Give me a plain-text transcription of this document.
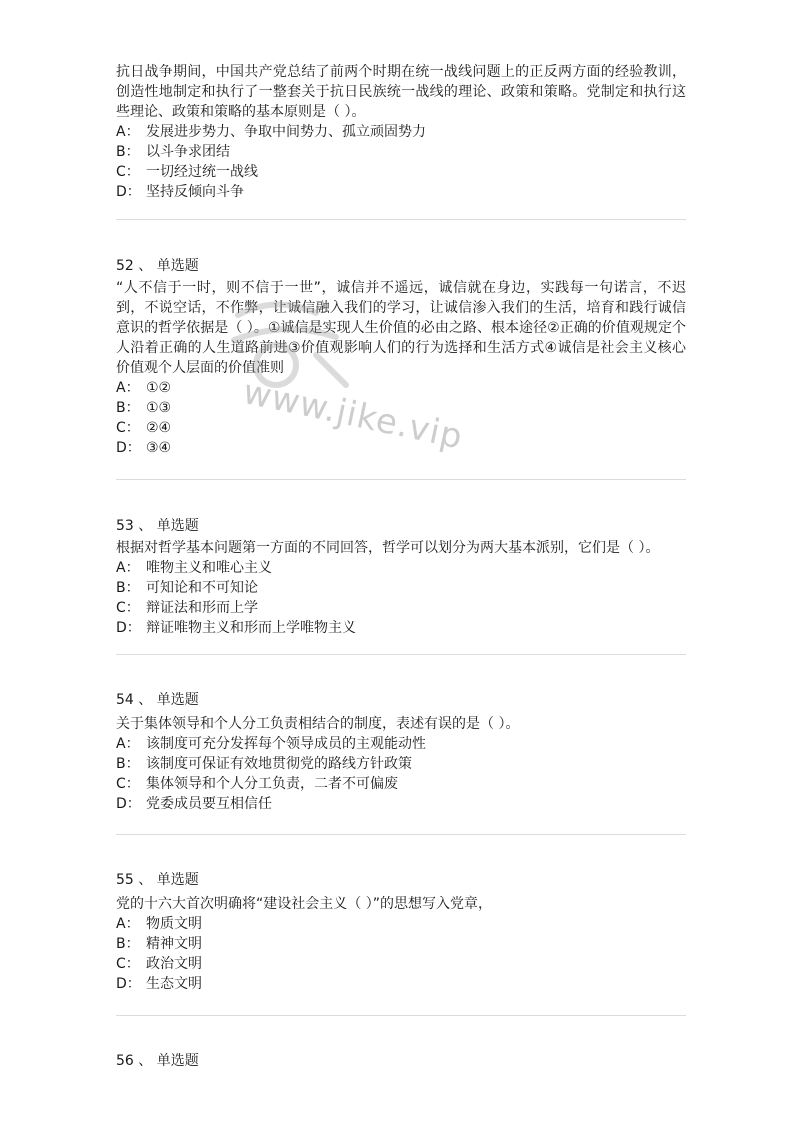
抗日战争期间，中国共产党总结了前两个时期在统一战线问题上的正反两方面的经验教训，创造性地制定和执行了一整套关于抗日民族统一战线的理论、政策和策略。党制定和执行这些理论、政策和策略的基本原则是（ ）。
A： 发展进步势力、争取中间势力、孤立顽固势力
B： 以斗争求团结
C： 一切经过统一战线
D： 坚持反倾向斗争
52 、 单选题
“人不信于一时，则不信于一世”，诚信并不遥远，诚信就在身边，实践每一句诺言，不迟到，不说空话，不作弊，让诚信融入我们的学习，让诚信渗入我们的生活，培育和践行诚信意识的哲学依据是（ ）。①诚信是实现人生价值的必由之路、根本途径②正确的价值观规定个人沿着正确的人生道路前进③价值观影响人们的行为选择和生活方式④诚信是社会主义核心价值观个人层面的价值准则
A： ①②
B： ①③
C： ②④
D： ③④
53 、 单选题
根据对哲学基本问题第一方面的不同回答，哲学可以划分为两大基本派别，它们是（ ）。
A： 唯物主义和唯心主义
B： 可知论和不可知论
C： 辩证法和形而上学
D： 辩证唯物主义和形而上学唯物主义
54 、 单选题
关于集体领导和个人分工负责相结合的制度，表述有误的是（ ）。
A： 该制度可充分发挥每个领导成员的主观能动性
B： 该制度可保证有效地贯彻党的路线方针政策
C： 集体领导和个人分工负责，二者不可偏废
D： 党委成员要互相信任
55 、 单选题
党的十六大首次明确将“建设社会主义（ ）”的思想写入党章，
A： 物质文明
B： 精神文明
C： 政治文明
D： 生态文明
56 、 单选题
www.jike.vip
